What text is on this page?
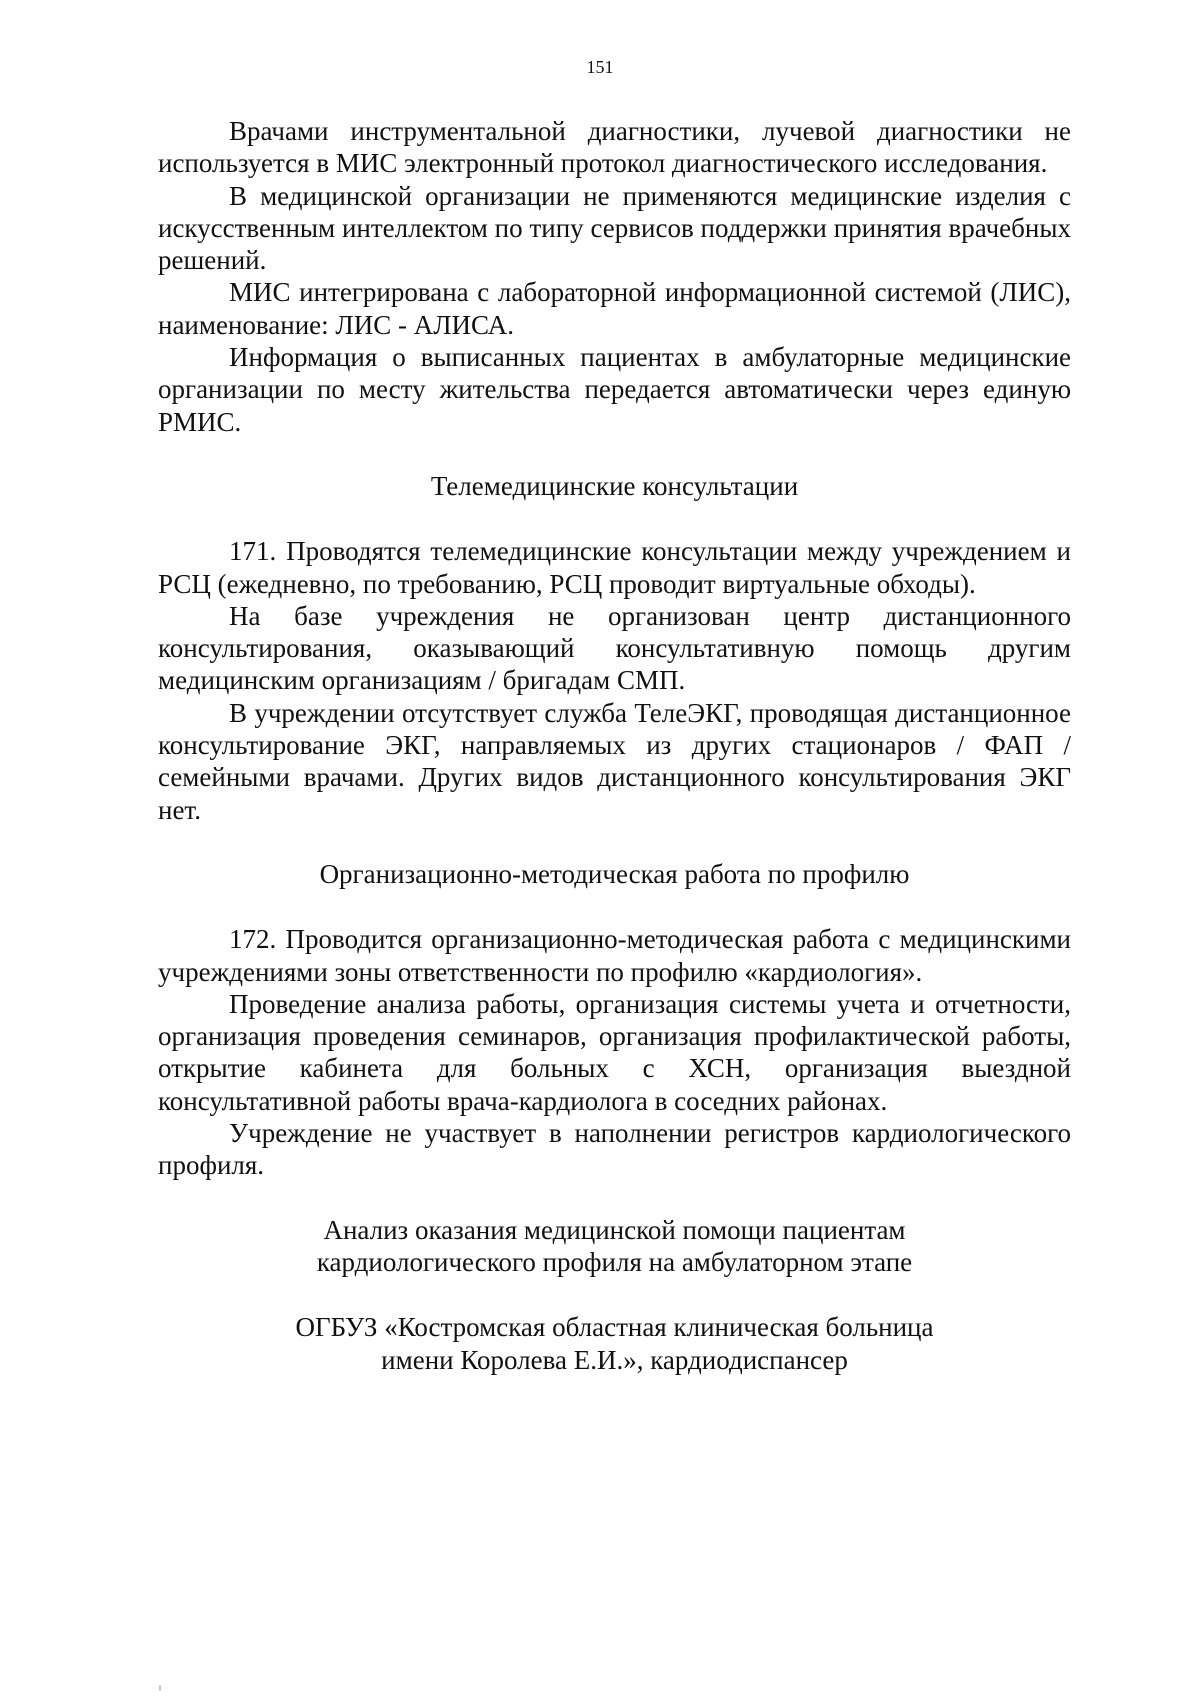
151

Врачами инструментальной диагностики, лучевой диагностики не используется в МИС электронный протокол диагностического исследования.

В медицинской организации не применяются медицинские изделия с искусственным интеллектом по типу сервисов поддержки принятия врачебных решений.

МИС интегрирована с лабораторной информационной системой (ЛИС), наименование: ЛИС - АЛИСА.

Информация о выписанных пациентах в амбулаторные медицинские организации по месту жительства передается автоматически через единую РМИС.

Телемедицинские консультации

171. Проводятся телемедицинские консультации между учреждением и РСЦ (ежедневно, по требованию, РСЦ проводит виртуальные обходы).

На базе учреждения не организован центр дистанционного консультирования, оказывающий консультативную помощь другим медицинским организациям / бригадам СМП.

В учреждении отсутствует служба ТелеЭКГ, проводящая дистанционное консультирование ЭКГ, направляемых из других стационаров / ФАП / семейными врачами. Других видов дистанционного консультирования ЭКГ нет.

Организационно-методическая работа по профилю

172. Проводится организационно-методическая работа с медицинскими учреждениями зоны ответственности по профилю «кардиология».

Проведение анализа работы, организация системы учета и отчетности, организация проведения семинаров, организация профилактической работы, открытие кабинета для больных с ХСН, организация выездной консультативной работы врача-кардиолога в соседних районах.

Учреждение не участвует в наполнении регистров кардиологического профиля.

Анализ оказания медицинской помощи пациентам
кардиологического профиля на амбулаторном этапе

ОГБУЗ «Костромская областная клиническая больница
имени Королева Е.И.», кардиодиспансер
